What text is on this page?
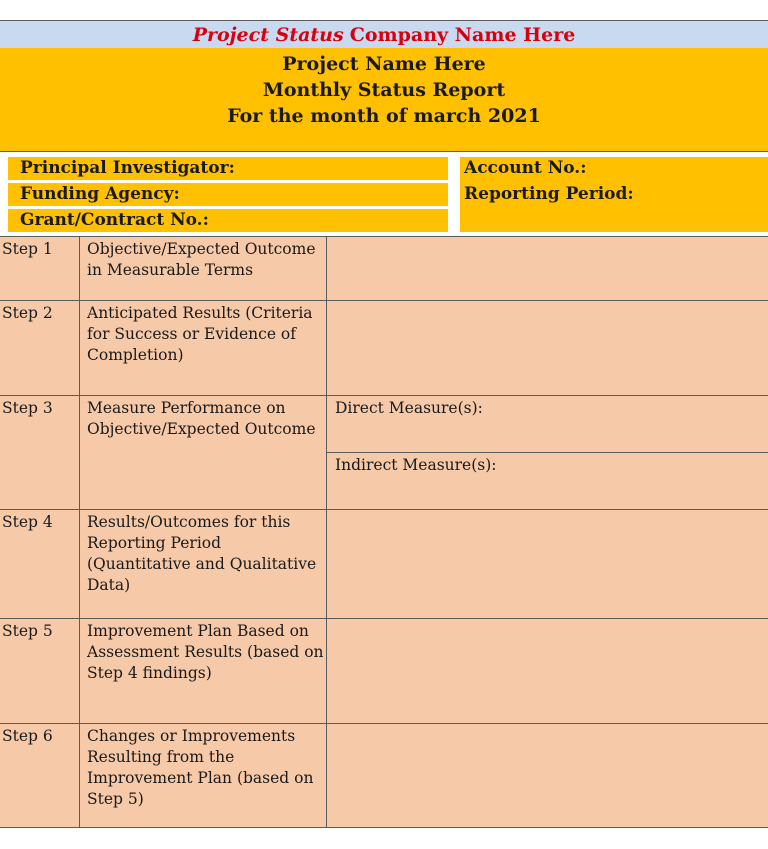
Project Status Company Name Here
Project Name Here
Monthly Status Report
For the month of march 2021
Principal Investigator:
Funding Agency:
Grant/Contract No.:
Account No.:
Reporting Period:
Step 1	Objective/Expected Outcome in Measurable Terms	
Step 2	Anticipated Results (Criteria for Success or Evidence of Completion)	
Step 3	Measure Performance on Objective/Expected Outcome	Direct Measure(s):
		Indirect Measure(s):
Step 4	Results/Outcomes for this Reporting Period (Quantitative and Qualitative Data)	
Step 5	Improvement Plan Based on Assessment Results (based on Step 4 findings)	
Step 6	Changes or Improvements Resulting from the Improvement Plan (based on Step 5)	
